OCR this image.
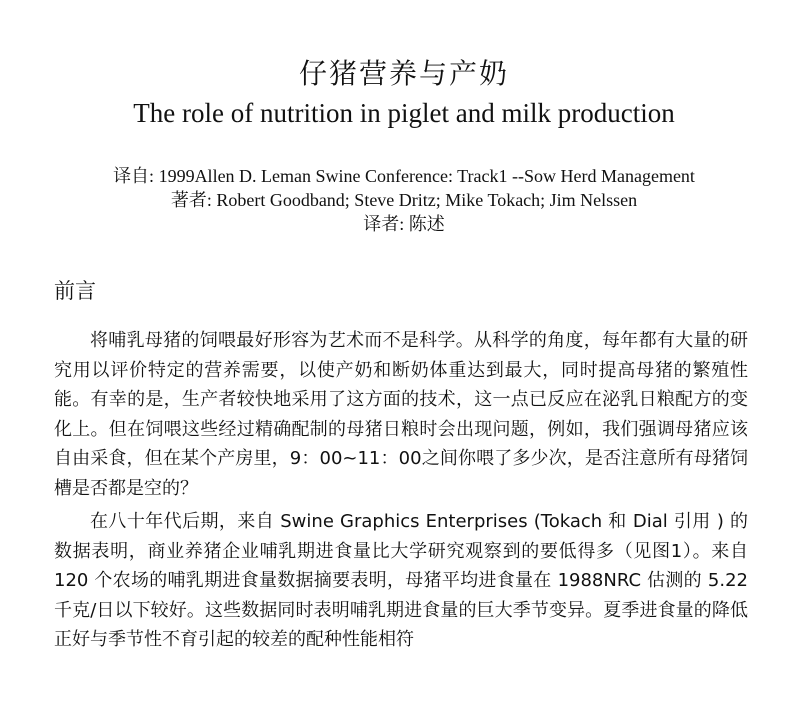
仔猪营养与产奶
The role of nutrition in piglet and milk production
译自: 1999Allen D. Leman Swine Conference: Track1 --Sow Herd Management
著者: Robert Goodband; Steve Dritz; Mike Tokach; Jim Nelssen
译者: 陈述
前言

将哺乳母猪的饲喂最好形容为艺术而不是科学。从科学的角度，每年都有大量的研究用以评价特定的营养需要，以使产奶和断奶体重达到最大，同时提高母猪的繁殖性能。有幸的是，生产者较快地采用了这方面的技术，这一点已反应在泌乳日粮配方的变化上。但在饲喂这些经过精确配制的母猪日粮时会出现问题，例如，我们强调母猪应该自由采食，但在某个产房里，9：00~11：00之间你喂了多少次，是否注意所有母猪饲槽是否都是空的？

在八十年代后期，来自 Swine Graphics Enterprises (Tokach 和 Dial 引用 ) 的数据表明，商业养猪企业哺乳期进食量比大学研究观察到的要低得多（见图1）。来自 120 个农场的哺乳期进食量数据摘要表明，母猪平均进食量在 1988NRC 估测的 5.22 千克/日以下较好。这些数据同时表明哺乳期进食量的巨大季节变异。夏季进食量的降低正好与季节性不育引起的较差的配种性能相符
